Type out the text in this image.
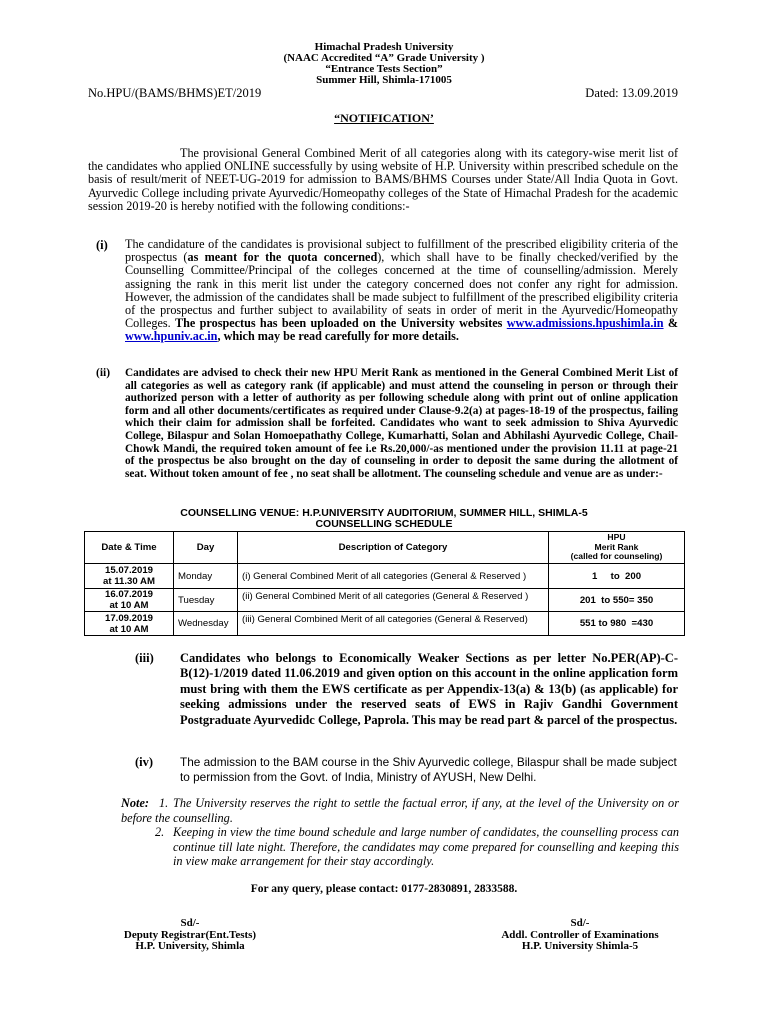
Himachal Pradesh University
(NAAC Accredited “A” Grade University )
“Entrance Tests Section”
Summer Hill, Shimla-171005
No.HPU/(BAMS/BHMS)ET/2019	Dated: 13.09.2019
“NOTIFICATION’
The provisional General Combined Merit of all categories along with its category-wise merit list of the candidates who applied ONLINE successfully by using website of H.P. University within prescribed schedule on the basis of result/merit of NEET-UG-2019 for admission to BAMS/BHMS Courses under State/All India Quota in Govt. Ayurvedic College including private Ayurvedic/Homeopathy colleges of the State of Himachal Pradesh for the academic session 2019-20 is hereby notified with the following conditions:-
(i) The candidature of the candidates is provisional subject to fulfillment of the prescribed eligibility criteria of the prospectus (as meant for the quota concerned), which shall have to be finally checked/verified by the Counselling Committee/Principal of the colleges concerned at the time of counselling/admission. Merely assigning the rank in this merit list under the category concerned does not confer any right for admission. However, the admission of the candidates shall be made subject to fulfillment of the prescribed eligibility criteria of the prospectus and further subject to availability of seats in order of merit in the Ayurvedic/Homeopathy Colleges. The prospectus has been uploaded on the University websites www.admissions.hpushimla.in & www.hpuniv.ac.in, which may be read carefully for more details.
(ii) Candidates are advised to check their new HPU Merit Rank as mentioned in the General Combined Merit List of all categories as well as category rank (if applicable) and must attend the counseling in person or through their authorized person with a letter of authority as per following schedule along with print out of online application form and all other documents/certificates as required under Clause-9.2(a) at pages-18-19 of the prospectus, failing which their claim for admission shall be forfeited. Candidates who want to seek admission to Shiva Ayurvedic College, Bilaspur and Solan Homoepathathy College, Kumarhatti, Solan and Abhilashi Ayurvedic College, Chail-Chowk Mandi, the required token amount of fee i.e Rs.20,000/-as mentioned under the provision 11.11 at page-21 of the prospectus be also brought on the day of counseling in order to deposit the same during the allotment of seat. Without token amount of fee , no seat shall be allotment. The counseling schedule and venue are as under:-
COUNSELLING VENUE: H.P.UNIVERSITY AUDITORIUM, SUMMER HILL, SHIMLA-5
COUNSELLING SCHEDULE
Date & Time	Day	Description of Category	HPU
Merit Rank
(called for counseling)

15.07.2019
at 11.30 AM	Monday	(i) General Combined Merit of all categories (General & Reserved )	1     to  200

16.07.2019
at 10 AM	Tuesday	(ii) General Combined Merit of all categories (General & Reserved )	201  to 550= 350

17.09.2019
at 10 AM	Wednesday	(iii) General Combined Merit of all categories (General & Reserved)	551 to 980  =430
(iii) Candidates who belongs to Economically Weaker Sections as per letter No.PER(AP)-C-B(12)-1/2019 dated 11.06.2019 and given option on this account in the online application form must bring with them the EWS certificate as per Appendix-13(a) & 13(b) (as applicable) for seeking admissions under the reserved seats of EWS in Rajiv Gandhi Government Postgraduate Ayurvedidc College, Paprola. This may be read part & parcel of the prospectus.
(iv) The admission to the BAM course in the Shiv Ayurvedic college, Bilaspur shall be made subject to permission from the Govt. of India, Ministry of AYUSH, New Delhi.
Note: 1. The University reserves the right to settle the factual error, if any, at the level of the University on or before the counselling.
2. Keeping in view the time bound schedule and large number of candidates, the counselling process can continue till late night. Therefore, the candidates may come prepared for counselling and keeping this in view make arrangement for their stay accordingly.
For any query, please contact: 0177-2830891, 2833588.
Sd/-
Deputy Registrar(Ent.Tests)
H.P. University, Shimla
Sd/-
Addl. Controller of Examinations
H.P. University Shimla-5
